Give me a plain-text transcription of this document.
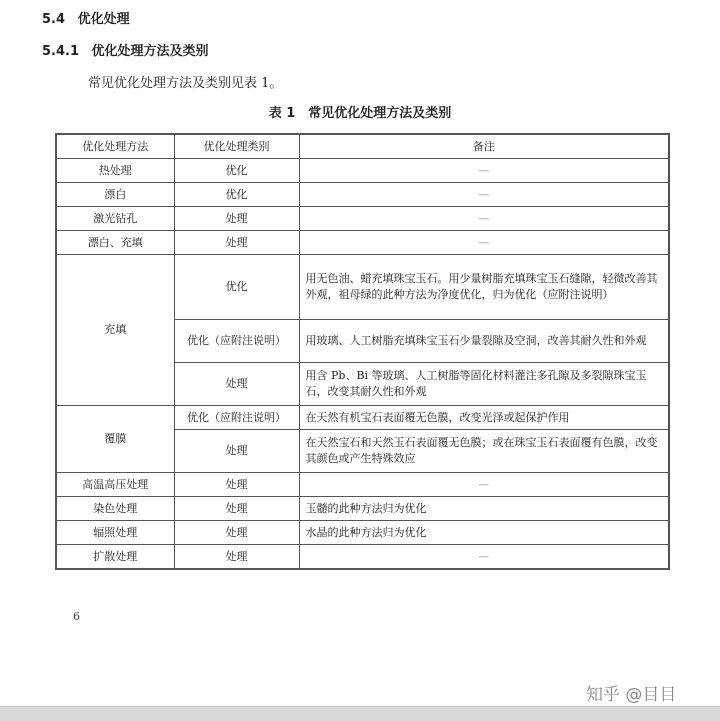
5.4 优化处理
5.4.1 优化处理方法及类别
常见优化处理方法及类别见表 1。
表 1　常见优化处理方法及类别
优化处理方法	优化处理类别	备注
热处理	优化	—
漂白	优化	—
激光钻孔	处理	—
漂白、充填	处理	—
充填	优化	用无色油、蜡充填珠宝玉石。用少量树脂充填珠宝玉石缝隙，轻微改善其外观，祖母绿的此种方法为净度优化，归为优化（应附注说明）
	优化（应附注说明）	用玻璃、人工树脂充填珠宝玉石少量裂隙及空洞，改善其耐久性和外观
	处理	用含 Pb、Bi 等玻璃、人工树脂等固化材料灌注多孔隙及多裂隙珠宝玉石，改变其耐久性和外观
覆膜	优化（应附注说明）	在天然有机宝石表面覆无色膜，改变光泽或起保护作用
	处理	在天然宝石和天然玉石表面覆无色膜；或在珠宝玉石表面覆有色膜，改变其颜色或产生特殊效应
高温高压处理	处理	—
染色处理	处理	玉髓的此种方法归为优化
辐照处理	处理	水晶的此种方法归为优化
扩散处理	处理	—
6
知乎 @目目
